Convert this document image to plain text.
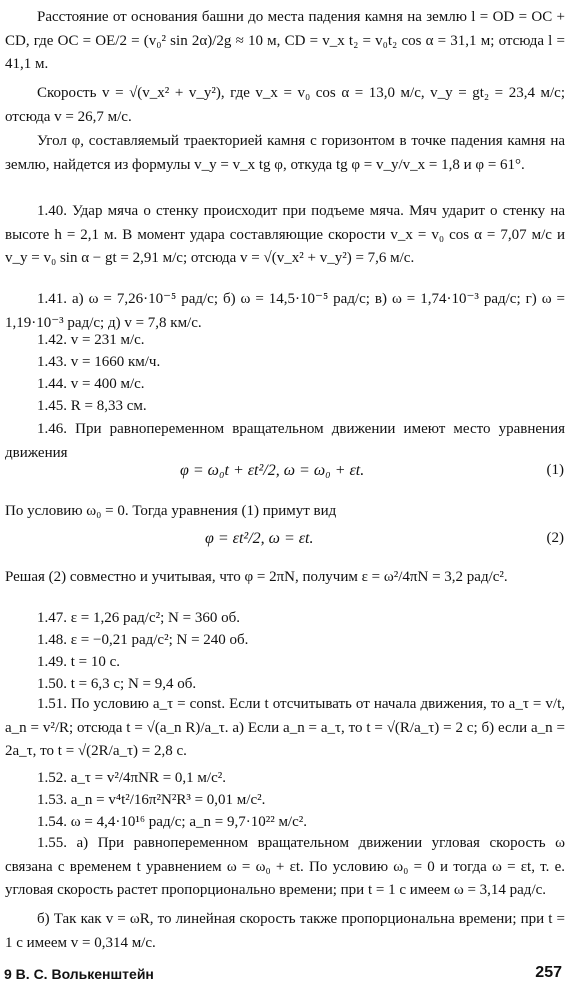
Расстояние от основания башни до места падения камня на землю l = OD = OC + CD, где OC = OE/2 = (v₀² sin 2α)/2g ≈ 10 м, CD = v_x t₂ = v₀t₂ cos α = 31,1 м; отсюда l = 41,1 м.

Скорость v = √(v_x² + v_y²), где v_x = v₀ cos α = 13,0 м/с, v_y = gt₂ = 23,4 м/с; отсюда v = 26,7 м/с.

Угол φ, составляемый траекторией камня с горизонтом в точке падения камня на землю, найдется из формулы v_y = v_x tg φ, откуда tg φ = v_y/v_x = 1,8 и φ = 61°.

1.40. Удар мяча о стенку происходит при подъеме мяча. Мяч ударит о стенку на высоте h = 2,1 м. В момент удара составляющие скорости v_x = v₀ cos α = 7,07 м/с и v_y = v₀ sin α − gt = 2,91 м/с; отсюда v = √(v_x² + v_y²) = 7,6 м/с.

1.41. а) ω = 7,26·10⁻⁵ рад/с; б) ω = 14,5·10⁻⁵ рад/с; в) ω = 1,74·10⁻³ рад/с; г) ω = 1,19·10⁻³ рад/с; д) v = 7,8 км/с.

1.42. v = 231 м/с.

1.43. v = 1660 км/ч.

1.44. v = 400 м/с.

1.45. R = 8,33 см.

1.46. При равнопеременном вращательном движении имеют место уравнения движения

φ = ω₀t + εt²/2, ω = ω₀ + εt.	(1)

По условию ω₀ = 0. Тогда уравнения (1) примут вид

φ = εt²/2, ω = εt.	(2)

Решая (2) совместно и учитывая, что φ = 2πN, получим ε = ω²/4πN = 3,2 рад/с².

1.47. ε = 1,26 рад/с²; N = 360 об.

1.48. ε = −0,21 рад/с²; N = 240 об.

1.49. t = 10 с.

1.50. t = 6,3 с; N = 9,4 об.

1.51. По условию a_τ = const. Если t отсчитывать от начала движения, то a_τ = v/t, a_n = v²/R; отсюда t = √(a_n R)/a_τ. а) Если a_n = a_τ, то t = √(R/a_τ) = 2 с; б) если a_n = 2a_τ, то t = √(2R/a_τ) = 2,8 с.

1.52. a_τ = v²/4πNR = 0,1 м/с².

1.53. a_n = v⁴t²/16π²N²R³ = 0,01 м/с².

1.54. ω = 4,4·10¹⁶ рад/с; a_n = 9,7·10²² м/с².

1.55. а) При равнопеременном вращательном движении угловая скорость ω связана с временем t уравнением ω = ω₀ + εt. По условию ω₀ = 0 и тогда ω = εt, т. е. угловая скорость растет пропорционально времени; при t = 1 с имеем ω = 3,14 рад/с.

б) Так как v = ωR, то линейная скорость также пропорциональна времени; при t = 1 с имеем v = 0,314 м/с.

9 В. С. Волькенштейн	257
